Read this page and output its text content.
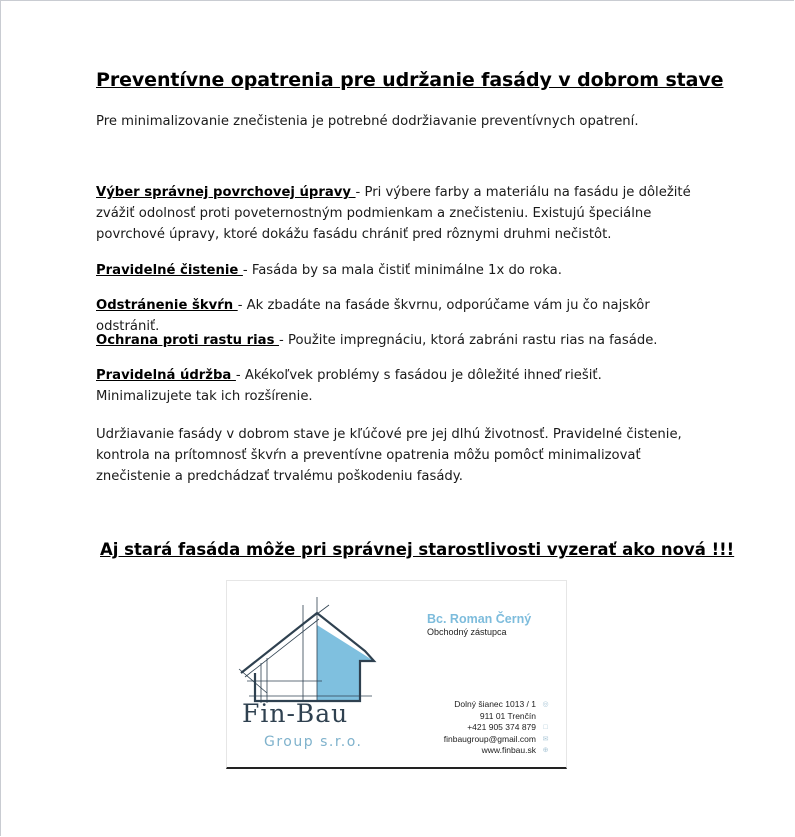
Preventívne opatrenia pre udržanie fasády v dobrom stave

Pre minimalizovanie znečistenia je potrebné dodržiavanie preventívnych opatrení.

Výber správnej povrchovej úpravy - Pri výbere farby a materiálu na fasádu je dôležité zvážiť odolnosť proti poveternostným podmienkam a znečisteniu. Existujú špeciálne povrchové úpravy, ktoré dokážu fasádu chrániť pred rôznymi druhmi nečistôt.

Pravidelné čistenie - Fasáda by sa mala čistiť minimálne 1x do roka.

Odstránenie škvŕn - Ak zbadáte na fasáde škvrnu, odporúčame vám ju čo najskôr odstrániť.

Ochrana proti rastu rias - Použite impregnáciu, ktorá zabráni rastu rias na fasáde.

Pravidelná údržba - Akékoľvek problémy s fasádou je dôležité ihneď riešiť. Minimalizujete tak ich rozšírenie.

Udržiavanie fasády v dobrom stave je kľúčové pre jej dlhú životnosť. Pravidelné čistenie, kontrola na prítomnosť škvŕn a preventívne opatrenia môžu pomôcť minimalizovať znečistenie a predchádzať trvalému poškodeniu fasády.

Aj stará fasáda môže pri správnej starostlivosti vyzerať ako nová !!!

Fin-Bau

Group s.r.o.

Bc. Roman Černý

Obchodný zástupca

Dolný šianec 1013 / 1 ◎
911 01 Trenčín
+421 905 374 879	□
finbaugroup@gmail.com ✉
www.finbau.sk ⊕
